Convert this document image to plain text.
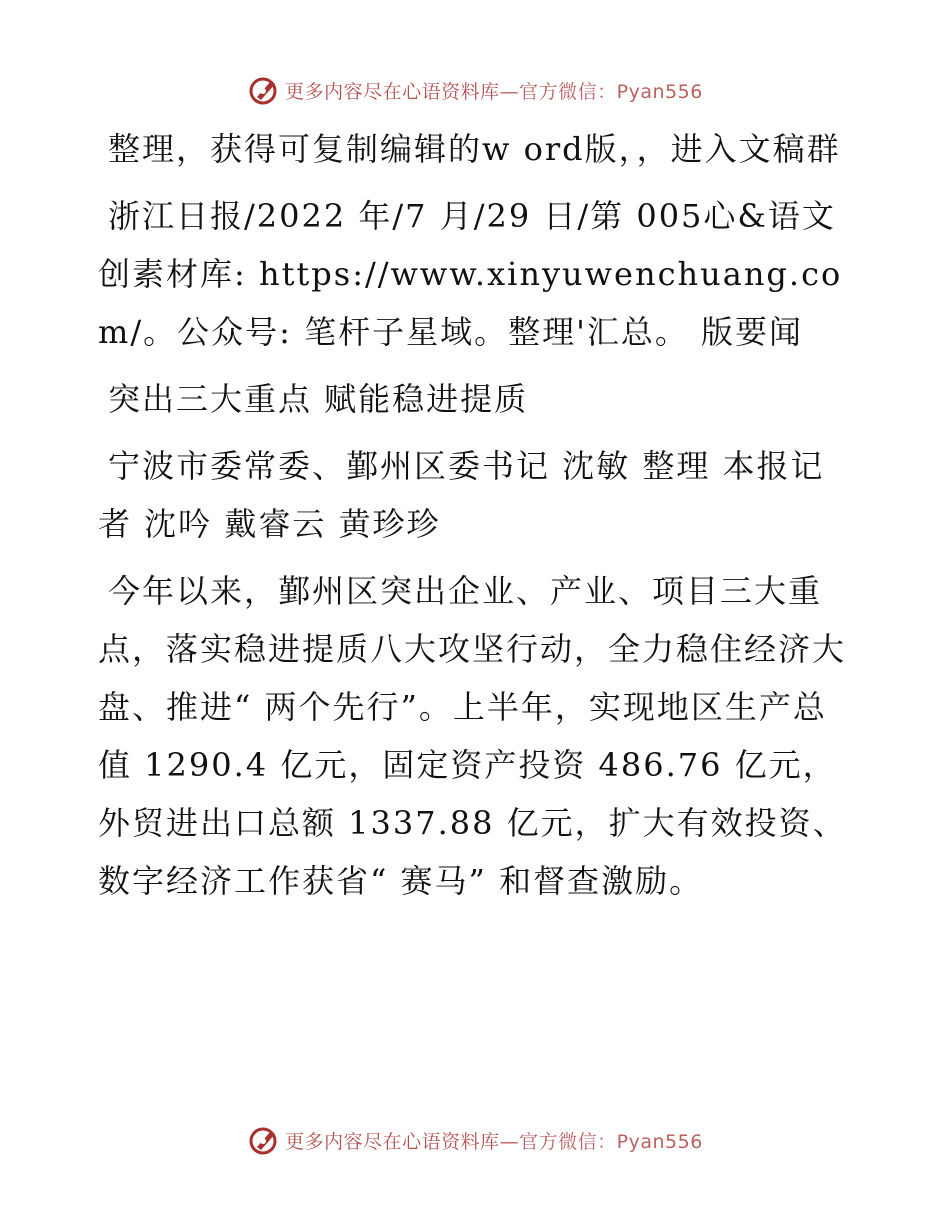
更多内容尽在心语资料库—官方微信：Pyan556

整理，获得可复制编辑的w ord版，，进入文稿群

浙江日报/2022 年/7 月/29 日/第 005心&语文创素材库: https://www.xinyuwenchuang.com/。公众号: 笔杆子星域。整理'汇总。 版要闻

突出三大重点 赋能稳进提质

宁波市委常委、鄞州区委书记 沈敏 整理 本报记者 沈吟 戴睿云 黄珍珍

今年以来，鄞州区突出企业、产业、项目三大重点，落实稳进提质八大攻坚行动，全力稳住经济大盘、推进“ 两个先行”。上半年，实现地区生产总值 1290.4 亿元，固定资产投资 486.76 亿元，外贸进出口总额 1337.88 亿元，扩大有效投资、数字经济工作获省“ 赛马” 和督查激励。

更多内容尽在心语资料库—官方微信：Pyan556
